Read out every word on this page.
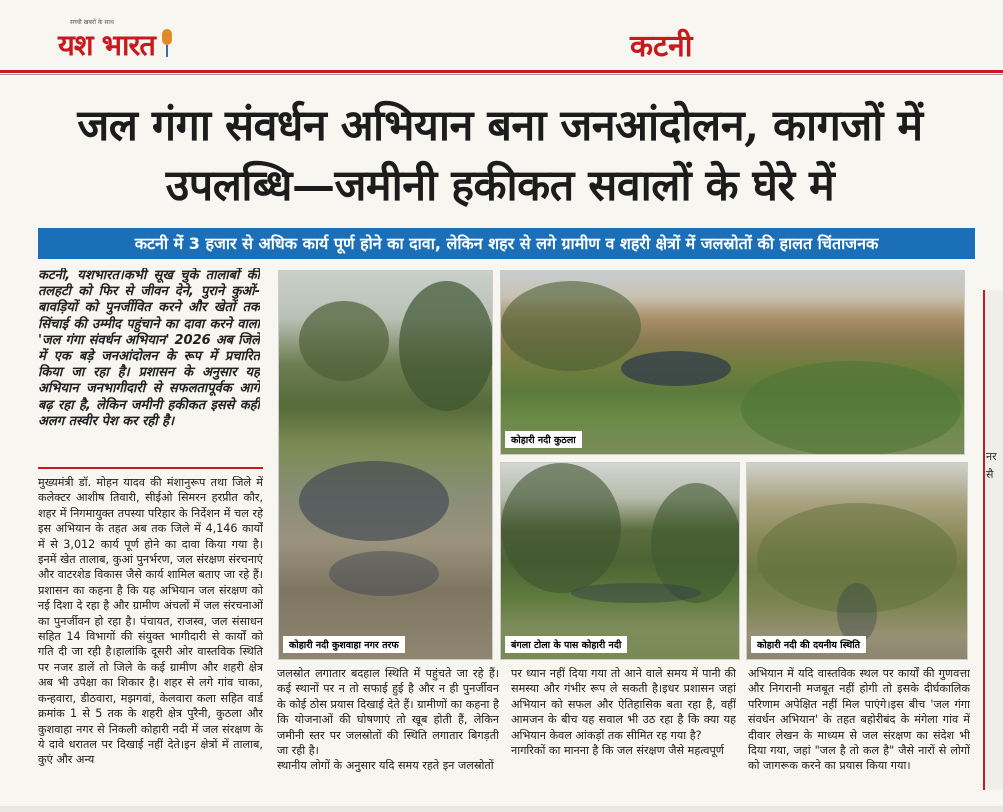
सच्ची खबरों के साथ
यश भारत	कटनी
जल गंगा संवर्धन अभियान बना जनआंदोलन, कागजों में उपलब्धि—जमीनी हकीकत सवालों के घेरे में
कटनी में 3 हजार से अधिक कार्य पूर्ण होने का दावा, लेकिन शहर से लगे ग्रामीण व शहरी क्षेत्रों में जलस्रोतों की हालत चिंताजनक
कटनी, यशभारत।कभी सूख चुके तालाबों की तलहटी को फिर से जीवन देने, पुराने कुओं-बावड़ियों को पुनर्जीवित करने और खेतों तक सिंचाई की उम्मीद पहुंचाने का दावा करने वाला 'जल गंगा संवर्धन अभियान' 2026 अब जिले में एक बड़े जनआंदोलन के रूप में प्रचारित किया जा रहा है। प्रशासन के अनुसार यह अभियान जनभागीदारी से सफलतापूर्वक आगे बढ़ रहा है, लेकिन जमीनी हकीकत इससे कहीं अलग तस्वीर पेश कर रही है।
मुख्यमंत्री डॉ. मोहन यादव की मंशानुरूप तथा जिले में कलेक्टर आशीष तिवारी, सीईओ सिमरन हरप्रीत कौर, शहर में निगमायुक्त तपस्या परिहार के निर्देशन में चल रहे इस अभियान के तहत अब तक जिले में 4,146 कार्यों में से 3,012 कार्य पूर्ण होने का दावा किया गया है। इनमें खेत तालाब, कुआं पुनर्भरण, जल संरक्षण संरचनाएं और वाटरशेड विकास जैसे कार्य शामिल बताए जा रहे हैं।प्रशासन का कहना है कि यह अभियान जल संरक्षण को नई दिशा दे रहा है और ग्रामीण अंचलों में जल संरचनाओं का पुनर्जीवन हो रहा है। पंचायत, राजस्व, जल संसाधन सहित 14 विभागों की संयुक्त भागीदारी से कार्यों को गति दी जा रही है।हालांकि दूसरी ओर वास्तविक स्थिति पर नजर डालें तो जिले के कई ग्रामीण और शहरी क्षेत्र अब भी उपेक्षा का शिकार है। शहर से लगे गांव चाका, कन्हवारा, डीठवारा, मझगवां, केलवारा कला सहित वार्ड क्रमांक 1 से 5 तक के शहरी क्षेत्र पुरैनी, कुठला और कुशवाहा नगर से निकली कोहारी नदी में जल संरक्षण के ये दावे धरातल पर दिखाई नहीं देते।इन क्षेत्रों में तालाब, कुएं और अन्य

जलस्रोत लगातार बदहाल स्थिति में पहुंचते जा रहे हैं। कई स्थानों पर न तो सफाई हुई है और न ही पुनर्जीवन के कोई ठोस प्रयास दिखाई देते हैं। ग्रामीणों का कहना है कि योजनाओं की घोषणाएं तो खूब होती हैं, लेकिन जमीनी स्तर पर जलस्रोतों की स्थिति लगातार बिगड़ती जा रही है।

स्थानीय लोगों के अनुसार यदि समय रहते इन जलस्रोतों

पर ध्यान नहीं दिया गया तो आने वाले समय में पानी की समस्या और गंभीर रूप ले सकती है।इधर प्रशासन जहां अभियान को सफल और ऐतिहासिक बता रहा है, वहीं आमजन के बीच यह सवाल भी उठ रहा है कि क्या यह अभियान केवल आंकड़ों तक सीमित रह गया है?

नागरिकों का मानना है कि जल संरक्षण जैसे महत्वपूर्ण

अभियान में यदि वास्तविक स्थल पर कार्यों की गुणवत्ता और निगरानी मजबूत नहीं होगी तो इसके दीर्घकालिक परिणाम अपेक्षित नहीं मिल पाएंगे।इस बीच 'जल गंगा संवर्धन अभियान' के तहत बहोरीबंद के मंगेला गांव में दीवार लेखन के माध्यम से जल संरक्षण का संदेश भी दिया गया, जहां "जल है तो कल है" जैसे नारों से लोगों को जागरूक करने का प्रयास किया गया।
कोहारी नदी कुशवाहा नगर तरफ
कोहारी नदी कुठला
बंगला टोला के पास कोहारी नदी	कोहारी नदी की दयनीय स्थिति
नरसै
